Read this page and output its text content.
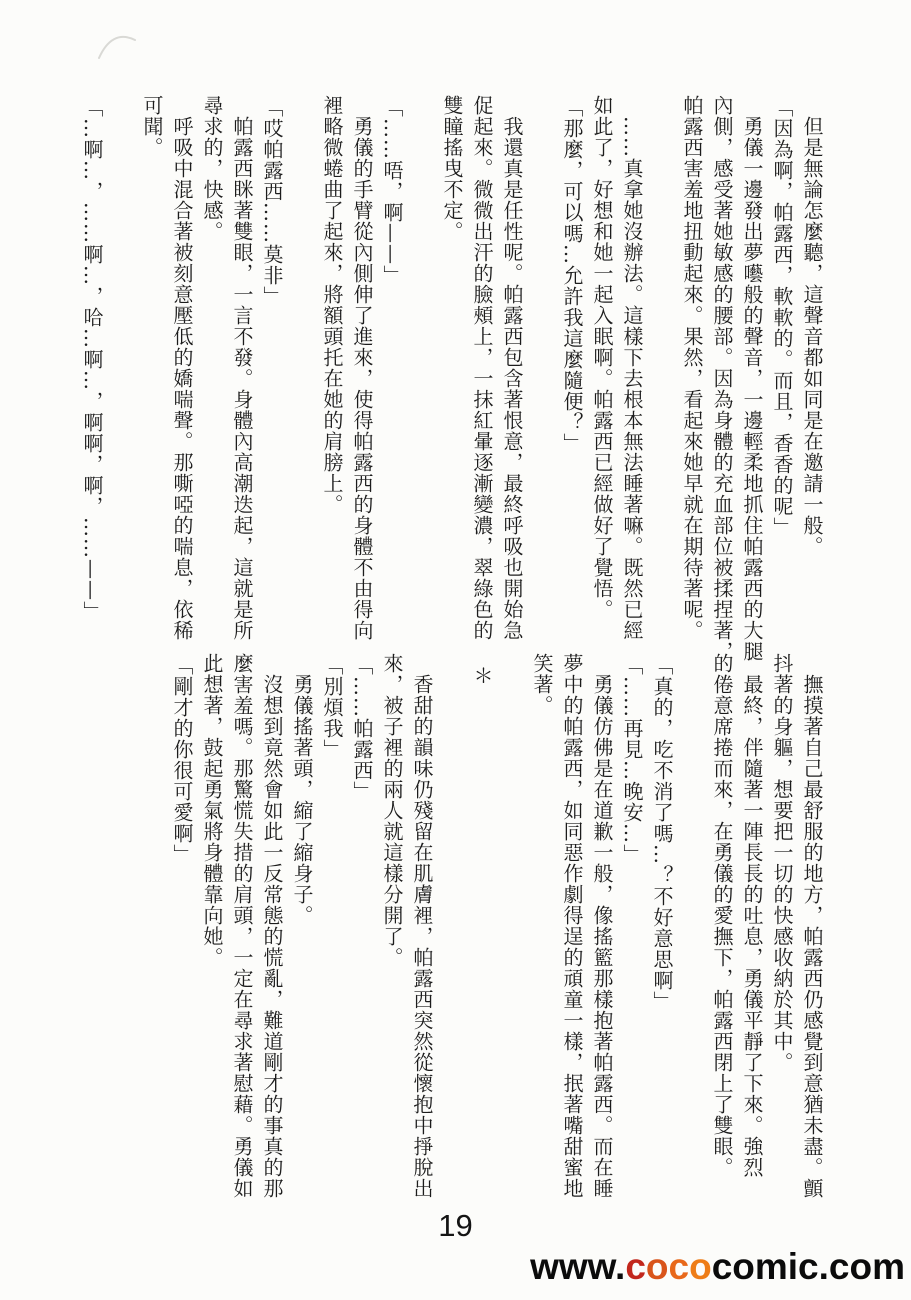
但是無論怎麼聽，這聲音都如同是在邀請一般。

「因為啊，帕露西，軟軟的。而且，香香的呢」

勇儀一邊發出夢囈般的聲音，一邊輕柔地抓住帕露西的大腿

內側，感受著她敏感的腰部。因為身體的充血部位被揉捏著，

帕露西害羞地扭動起來。果然，看起來她早就在期待著呢。

……真拿她沒辦法。這樣下去根本無法睡著嘛。既然已經

如此了，好想和她一起入眠啊。帕露西已經做好了覺悟。

「那麼，可以嗎…允許我這麼隨便？」

我還真是任性呢。帕露西包含著恨意，最終呼吸也開始急

促起來。微微出汗的臉頰上，一抹紅暈逐漸變濃，翠綠色的

雙瞳搖曳不定。

「……唔，啊——」

勇儀的手臂從內側伸了進來，使得帕露西的身體不由得向

裡略微蜷曲了起來，將額頭托在她的肩膀上。

「哎帕露西……莫非」

帕露西眯著雙眼，一言不發。身體內高潮迭起，這就是所

尋求的，快感。

呼吸中混合著被刻意壓低的嬌喘聲。那嘶啞的喘息，依稀

可聞。

「…啊…，……啊…，哈…啊…，啊啊，啊，……——」

撫摸著自己最舒服的地方，帕露西仍感覺到意猶未盡。顫

抖著的身軀，想要把一切的快感收納於其中。

最終，伴隨著一陣長長的吐息，勇儀平靜了下來。強烈

的倦意席捲而來，在勇儀的愛撫下，帕露西閉上了雙眼。

「真的，吃不消了嗎…？不好意思啊」

「……再見…晚安…」

勇儀仿佛是在道歉一般，像搖籃那樣抱著帕露西。而在睡

夢中的帕露西，如同惡作劇得逞的頑童一樣，抿著嘴甜蜜地

笑著。

＊

香甜的韻味仍殘留在肌膚裡，帕露西突然從懷抱中掙脫出

來，被子裡的兩人就這樣分開了。

「……帕露西」

「別煩我」

勇儀搖著頭，縮了縮身子。

沒想到竟然會如此一反常態的慌亂，難道剛才的事真的那

麼害羞嗎。那驚慌失措的肩頭，一定在尋求著慰藉。勇儀如

此想著，鼓起勇氣將身體靠向她。

「剛才的你很可愛啊」

19
www.cococomic.com
